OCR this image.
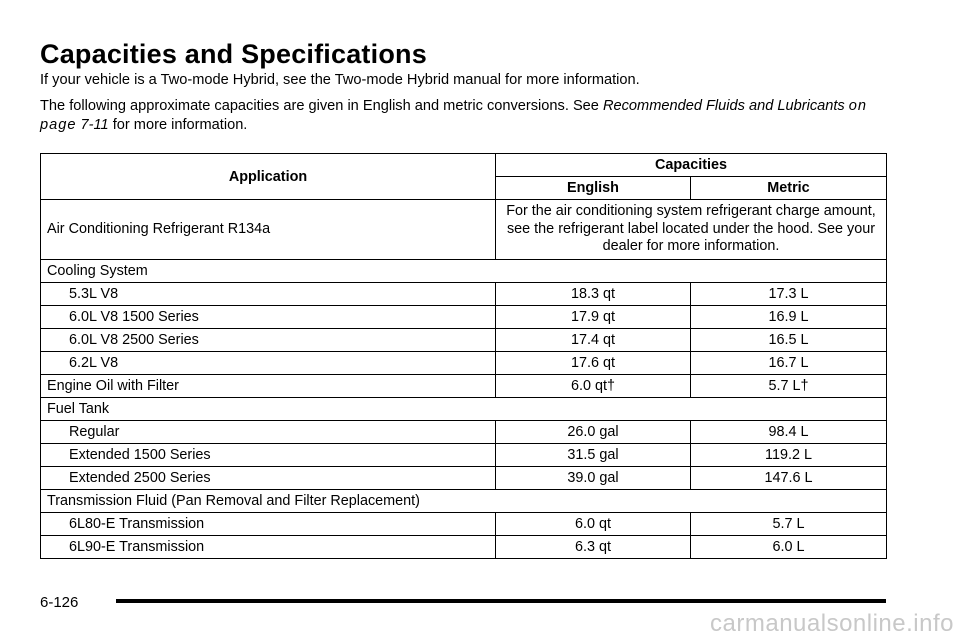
Capacities and Specifications

If your vehicle is a Two-mode Hybrid, see the Two-mode Hybrid manual for more information.

The following approximate capacities are given in English and metric conversions. See Recommended Fluids and Lubricants on page 7-11 for more information.

Application	Capacities	
	English	Metric
Air Conditioning Refrigerant R134a	For the air conditioning system refrigerant charge amount, see the refrigerant label located under the hood. See your dealer for more information.	
Cooling System		
5.3L V8	18.3 qt	17.3 L
6.0L V8 1500 Series	17.9 qt	16.9 L
6.0L V8 2500 Series	17.4 qt	16.5 L
6.2L V8	17.6 qt	16.7 L
Engine Oil with Filter	6.0 qt†	5.7 L†
Fuel Tank		
Regular	26.0 gal	98.4 L
Extended 1500 Series	31.5 gal	119.2 L
Extended 2500 Series	39.0 gal	147.6 L
Transmission Fluid (Pan Removal and Filter Replacement)		
6L80-E Transmission	6.0 qt	5.7 L
6L90-E Transmission	6.3 qt	6.0 L
6-126
carmanualsonline.info
